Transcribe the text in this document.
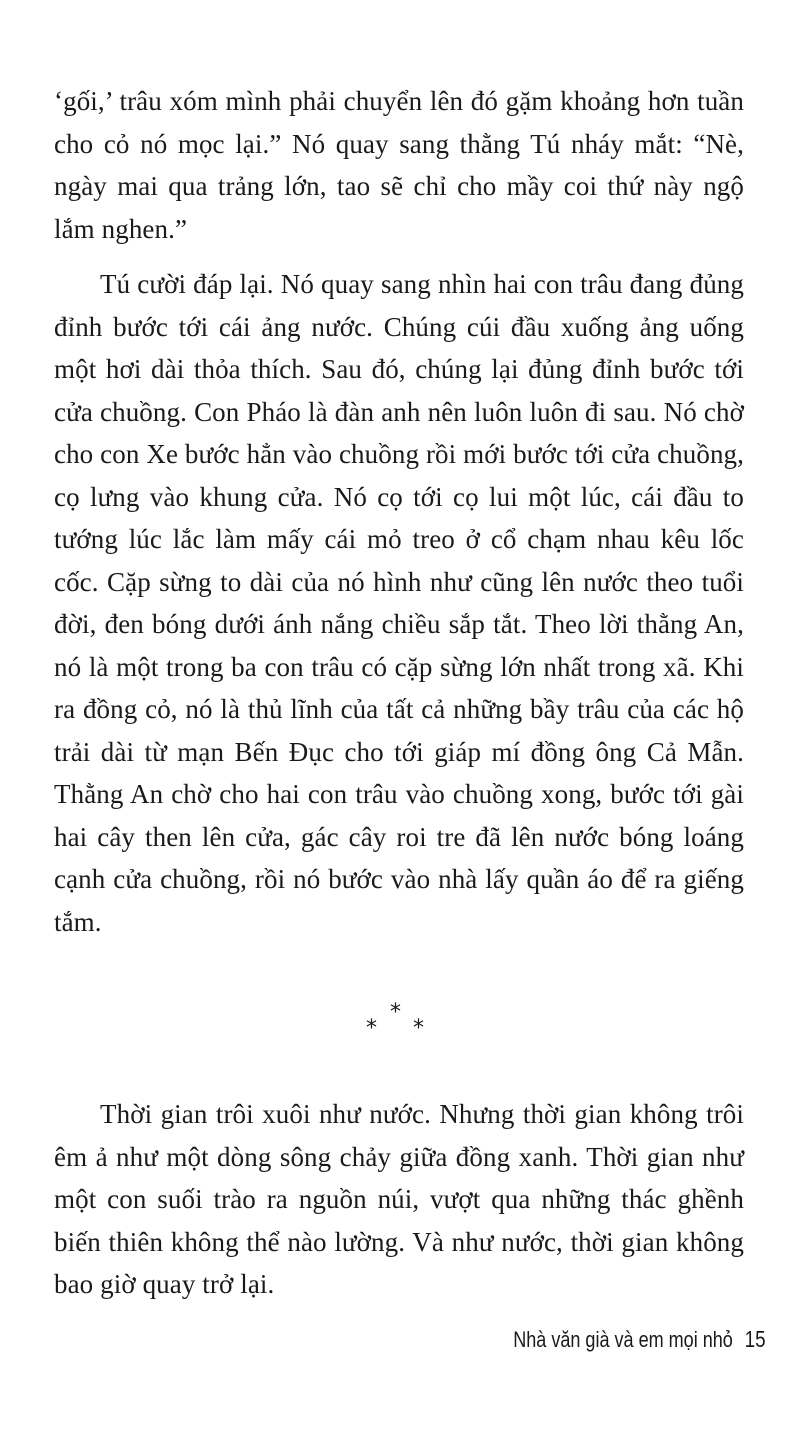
‘gối,’ trâu xóm mình phải chuyển lên đó gặm khoảng hơn tuần cho cỏ nó mọc lại.” Nó quay sang thằng Tú nháy mắt: “Nè, ngày mai qua trảng lớn, tao sẽ chỉ cho mầy coi thứ này ngộ lắm nghen.”

Tú cười đáp lại. Nó quay sang nhìn hai con trâu đang đủng đỉnh bước tới cái ảng nước. Chúng cúi đầu xuống ảng uống một hơi dài thỏa thích. Sau đó, chúng lại đủng đỉnh bước tới cửa chuồng. Con Pháo là đàn anh nên luôn luôn đi sau. Nó chờ cho con Xe bước hẳn vào chuồng rồi mới bước tới cửa chuồng, cọ lưng vào khung cửa. Nó cọ tới cọ lui một lúc, cái đầu to tướng lúc lắc làm mấy cái mỏ treo ở cổ chạm nhau kêu lốc cốc. Cặp sừng to dài của nó hình như cũng lên nước theo tuổi đời, đen bóng dưới ánh nắng chiều sắp tắt. Theo lời thằng An, nó là một trong ba con trâu có cặp sừng lớn nhất trong xã. Khi ra đồng cỏ, nó là thủ lĩnh của tất cả những bầy trâu của các hộ trải dài từ mạn Bến Đục cho tới giáp mí đồng ông Cả Mẫn. Thằng An chờ cho hai con trâu vào chuồng xong, bước tới gài hai cây then lên cửa, gác cây roi tre đã lên nước bóng loáng cạnh cửa chuồng, rồi nó bước vào nhà lấy quần áo để ra giếng tắm.

*
* *

Thời gian trôi xuôi như nước. Nhưng thời gian không trôi êm ả như một dòng sông chảy giữa đồng xanh. Thời gian như một con suối trào ra nguồn núi, vượt qua những thác ghềnh biến thiên không thể nào lường. Và như nước, thời gian không bao giờ quay trở lại.

Nhà văn già và em mọi nhỏ 15
